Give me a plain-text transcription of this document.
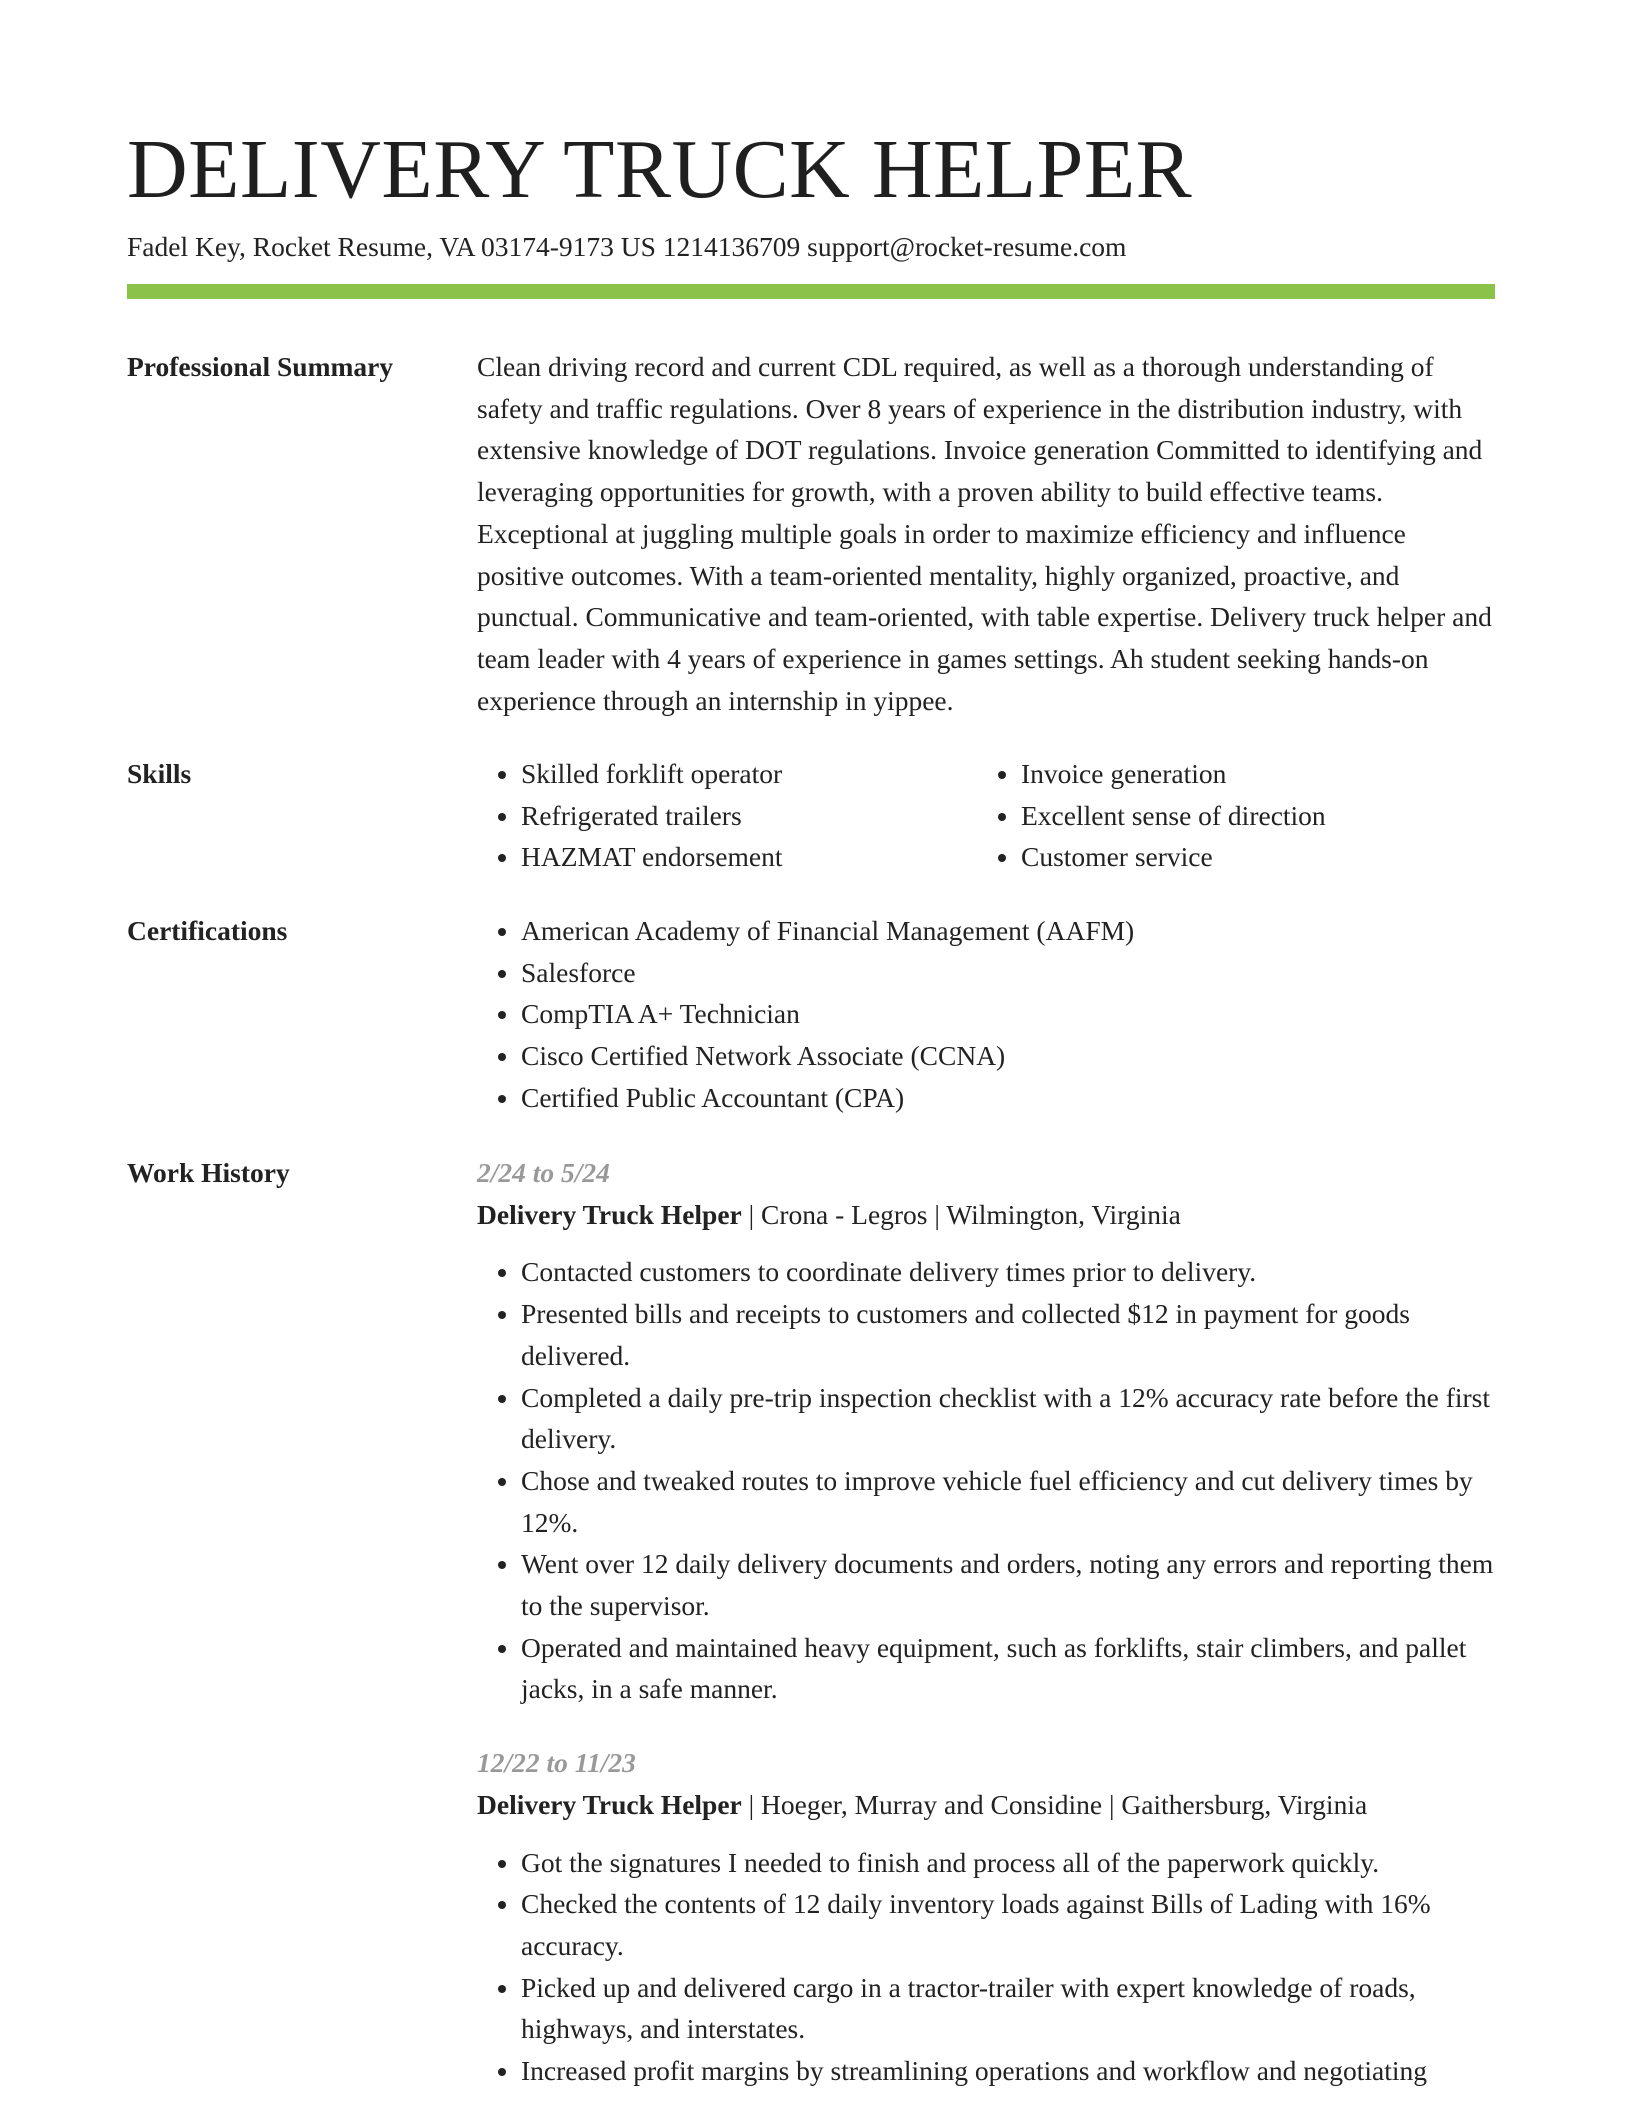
DELIVERY TRUCK HELPER
Fadel Key, Rocket Resume, VA 03174-9173 US 1214136709 support@rocket-resume.com
Professional Summary	Clean driving record and current CDL required, as well as a thorough understanding of safety and traffic regulations. Over 8 years of experience in the distribution industry, with extensive knowledge of DOT regulations. Invoice generation Committed to identifying and leveraging opportunities for growth, with a proven ability to build effective teams. Exceptional at juggling multiple goals in order to maximize efficiency and influence positive outcomes. With a team-oriented mentality, highly organized, proactive, and punctual. Communicative and team-oriented, with table expertise. Delivery truck helper and team leader with 4 years of experience in games settings. Ah student seeking hands-on experience through an internship in yippee.

Skills	• Skilled forklift operator
• Refrigerated trailers
• HAZMAT endorsement
• Invoice generation
• Excellent sense of direction
• Customer service
Certifications	• American Academy of Financial Management (AAFM)
• Salesforce
• CompTIA A+ Technician
• Cisco Certified Network Associate (CCNA)
• Certified Public Accountant (CPA)
Work History	2/24 to 5/24
Delivery Truck Helper | Crona - Legros | Wilmington, Virginia
• Contacted customers to coordinate delivery times prior to delivery.
• Presented bills and receipts to customers and collected $12 in payment for goods delivered.
• Completed a daily pre-trip inspection checklist with a 12% accuracy rate before the first delivery.
• Chose and tweaked routes to improve vehicle fuel efficiency and cut delivery times by 12%.
• Went over 12 daily delivery documents and orders, noting any errors and reporting them to the supervisor.
• Operated and maintained heavy equipment, such as forklifts, stair climbers, and pallet jacks, in a safe manner.
12/22 to 11/23
Delivery Truck Helper | Hoeger, Murray and Considine | Gaithersburg, Virginia
• Got the signatures I needed to finish and process all of the paperwork quickly.
• Checked the contents of 12 daily inventory loads against Bills of Lading with 16% accuracy.
• Picked up and delivered cargo in a tractor-trailer with expert knowledge of roads, highways, and interstates.
• Increased profit margins by streamlining operations and workflow and negotiating
